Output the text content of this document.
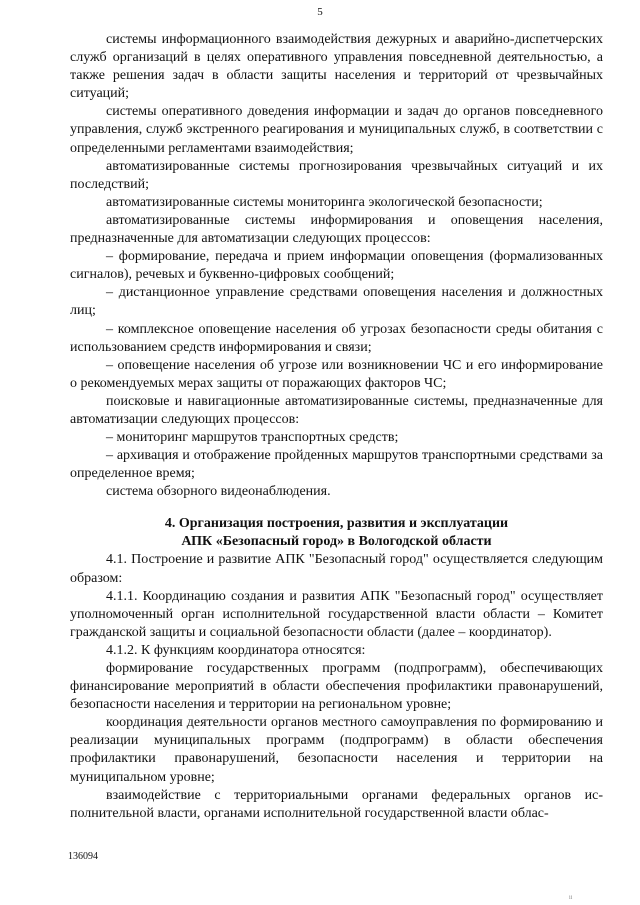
5

системы информационного взаимодействия дежурных и аварийно-диспетчерских служб организаций в целях оперативного управления повседневной деятельностью, а также решения задач в области защиты населения и территорий от чрезвычайных ситуаций;

системы оперативного доведения информации и задач до органов повседневного управления, служб экстренного реагирования и муниципальных служб, в соответствии с определенными регламентами взаимодействия;

автоматизированные системы прогнозирования чрезвычайных ситуаций и их последствий;

автоматизированные системы мониторинга экологической безопасности;

автоматизированные системы информирования и оповещения населения, предназначенные для автоматизации следующих процессов:

– формирование, передача и прием информации оповещения (формализованных сигналов), речевых и буквенно-цифровых сообщений;

– дистанционное управление средствами оповещения населения и должностных лиц;

– комплексное оповещение населения об угрозах безопасности среды обитания с использованием средств информирования и связи;

– оповещение населения об угрозе или возникновении ЧС и его информирование о рекомендуемых мерах защиты от поражающих факторов ЧС;

поисковые и навигационные автоматизированные системы, предназначенные для автоматизации следующих процессов:

– мониторинг маршрутов транспортных средств;

– архивация и отображение пройденных маршрутов транспортными средствами за определенное время;

система обзорного видеонаблюдения.

4. Организация построения, развития и эксплуатации
АПК «Безопасный город» в Вологодской области

4.1. Построение и развитие АПК "Безопасный город" осуществляется следующим образом:

4.1.1. Координацию создания и развития АПК "Безопасный город" осуществляет уполномоченный орган исполнительной государственной власти области – Комитет гражданской защиты и социальной безопасности области (далее – координатор).

4.1.2. К функциям координатора относятся:

формирование государственных программ (подпрограмм), обеспечивающих финансирование мероприятий в области обеспечения профилактики правонарушений, безопасности населения и территории на региональном уровне;

координация деятельности органов местного самоуправления по формированию и реализации муниципальных программ (подпрограмм) в области обеспечения профилактики правонарушений, безопасности населения и территории на муниципальном уровне;

взаимодействие с территориальными органами федеральных органов исполнительной власти, органами исполнительной государственной власти облас-

136094
ii
